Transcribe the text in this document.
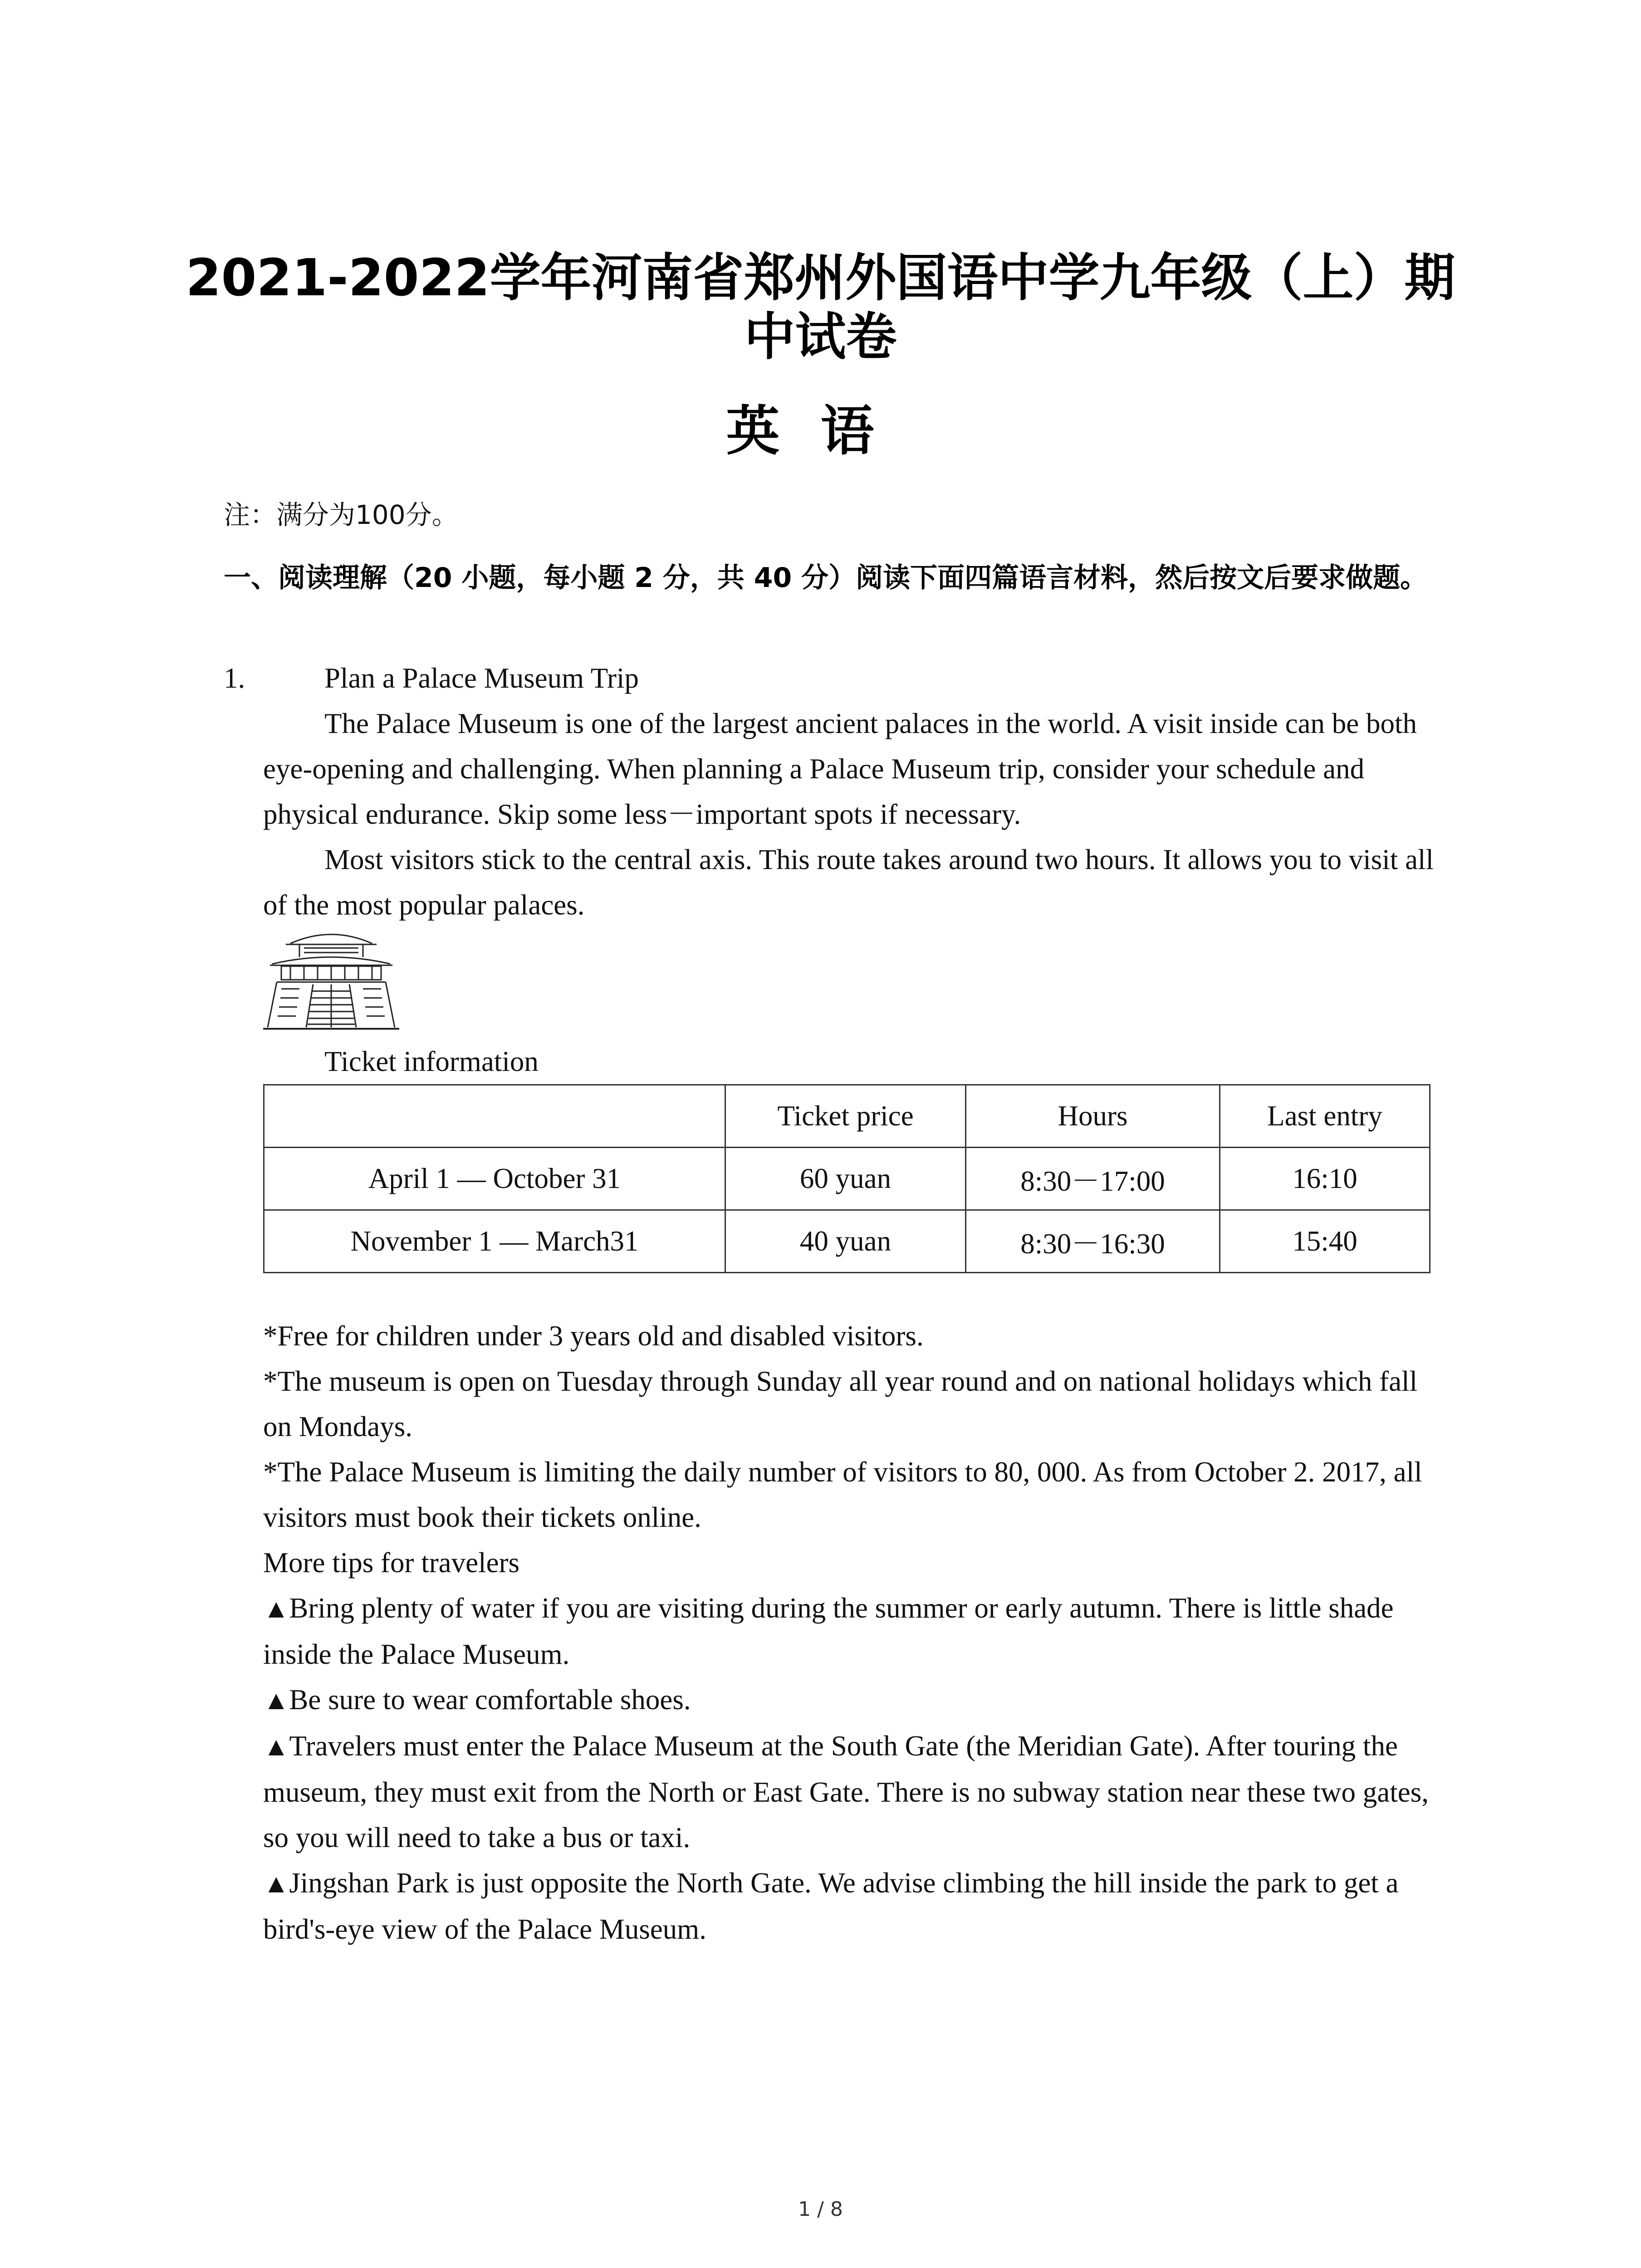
2021-2022学年河南省郑州外国语中学九年级（上）期
中试卷
英语
注：满分为100分。
一、阅读理解（20 小题，每小题 2 分，共 40 分）阅读下面四篇语言材料，然后按文后要求做题。
1.	Plan a Palace Museum Trip
The Palace Museum is one of the largest ancient palaces in the world. A visit inside can be both eye-opening and challenging. When planning a Palace Museum trip, consider your schedule and physical endurance. Skip some less－important spots if necessary.
Most visitors stick to the central axis. This route takes around two hours. It allows you to visit all of the most popular palaces.
Ticket information
	Ticket price	Hours	Last entry
April 1 — October 31	60 yuan	8:30－17:00	16:10
November 1 — March31	40 yuan	8:30－16:30	15:40
*Free for children under 3 years old and disabled visitors.
*The museum is open on Tuesday through Sunday all year round and on national holidays which fall on Mondays.
*The Palace Museum is limiting the daily number of visitors to 80, 000. As from October 2. 2017, all visitors must book their tickets online.
More tips for travelers
▲Bring plenty of water if you are visiting during the summer or early autumn. There is little shade inside the Palace Museum.
▲Be sure to wear comfortable shoes.
▲Travelers must enter the Palace Museum at the South Gate (the Meridian Gate). After touring the museum, they must exit from the North or East Gate. There is no subway station near these two gates, so you will need to take a bus or taxi.
▲Jingshan Park is just opposite the North Gate. We advise climbing the hill inside the park to get a bird's-eye view of the Palace Museum.
1 / 8
